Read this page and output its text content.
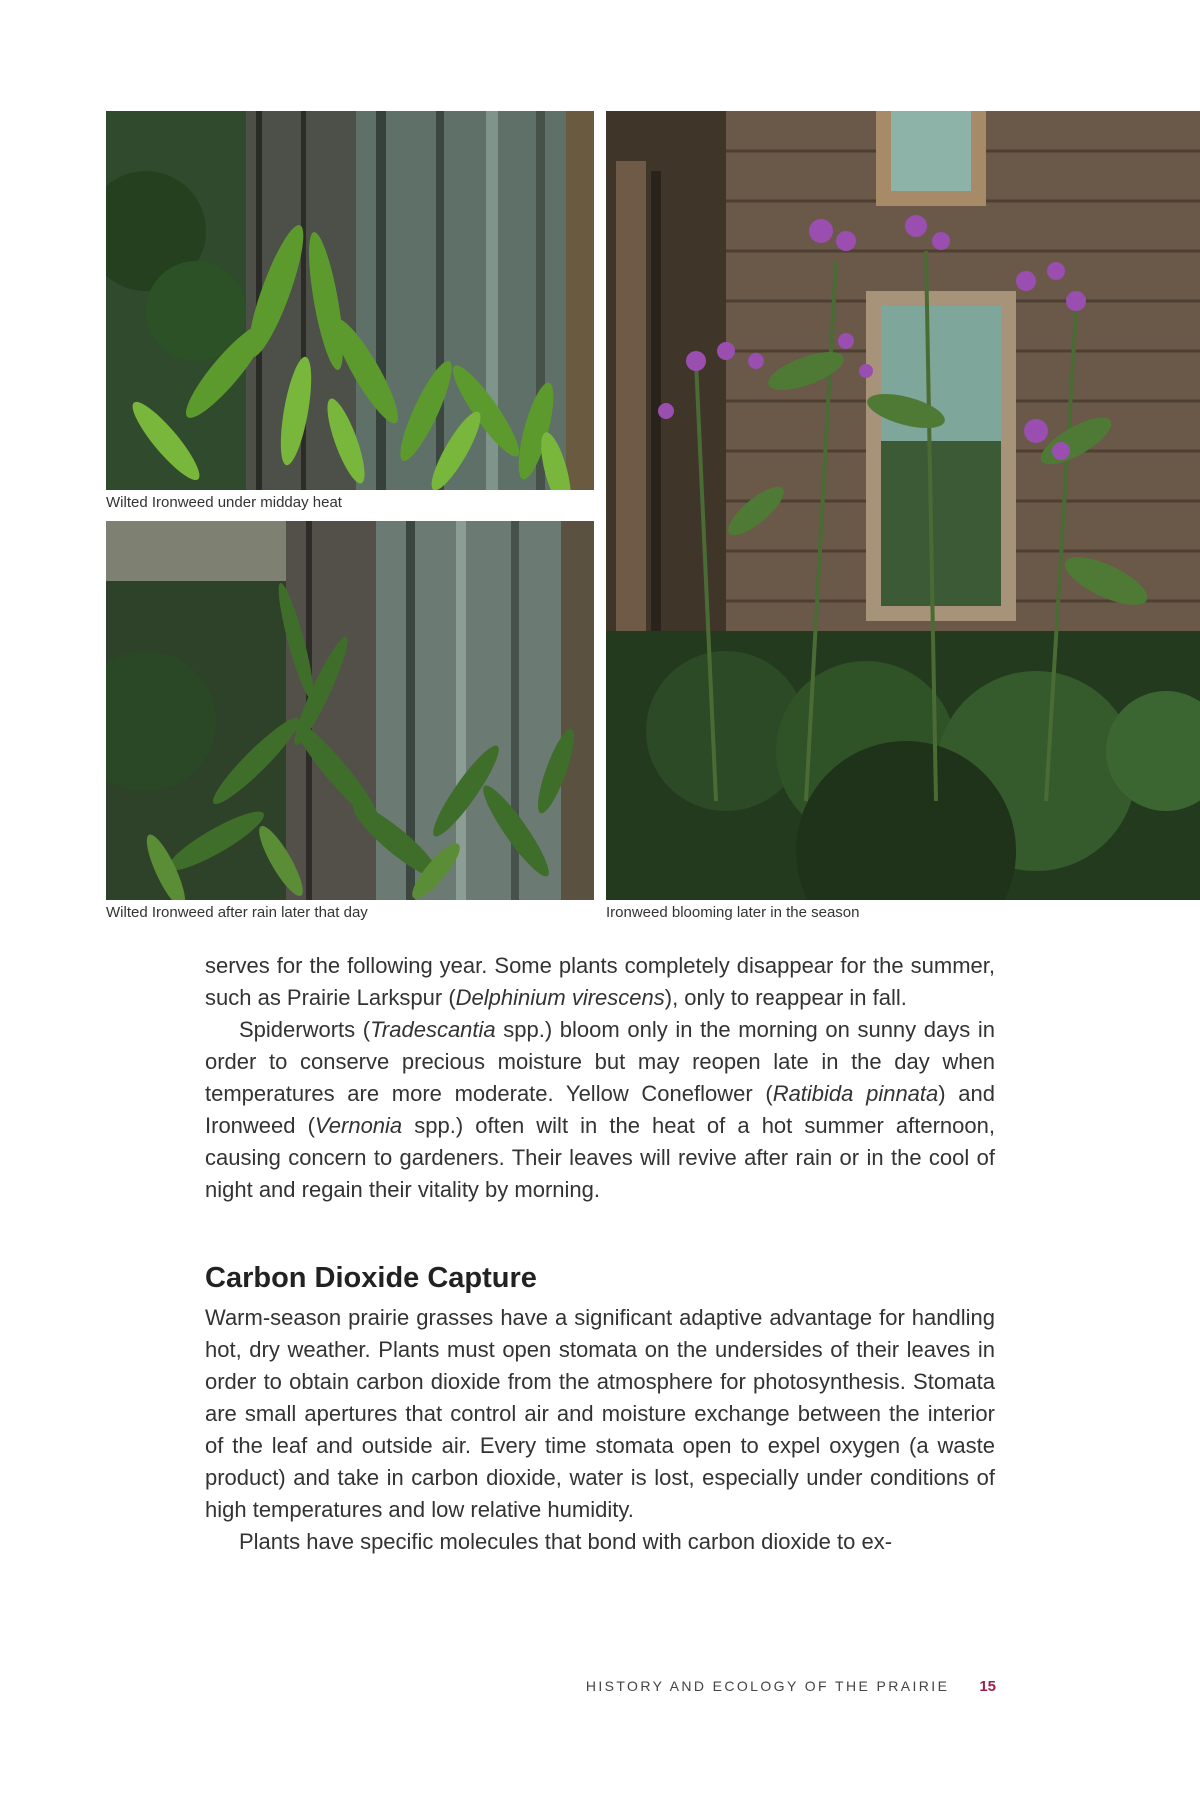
Wilted Ironweed under midday heat
Wilted Ironweed after rain later that day	Ironweed blooming later in the season

serves for the following year. Some plants completely disappear for the summer, such as Prairie Larkspur (Delphinium virescens), only to reappear in fall.

Spiderworts (Tradescantia spp.) bloom only in the morning on sunny days in order to conserve precious moisture but may reopen late in the day when temperatures are more moderate. Yellow Coneflower (Ratibida pinnata) and Ironweed (Vernonia spp.) often wilt in the heat of a hot summer afternoon, causing concern to gardeners. Their leaves will revive after rain or in the cool of night and regain their vitality by morning.

Carbon Dioxide Capture

Warm-season prairie grasses have a significant adaptive advantage for handling hot, dry weather. Plants must open stomata on the undersides of their leaves in order to obtain carbon dioxide from the atmosphere for photosynthesis. Stomata are small apertures that control air and moisture exchange between the interior of the leaf and outside air. Every time stomata open to expel oxygen (a waste product) and take in carbon dioxide, water is lost, especially under conditions of high temperatures and low relative humidity.

Plants have specific molecules that bond with carbon dioxide to ex-

HISTORY AND ECOLOGY OF THE PRAIRIE 15
